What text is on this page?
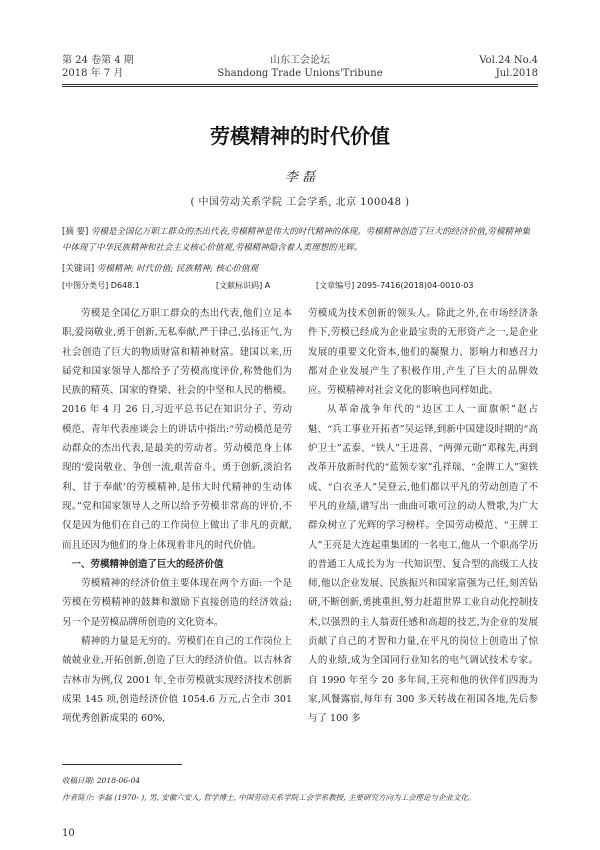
第 24 卷第 4 期
2018 年 7 月
山东工会论坛
Shandong Trade Unions'Tribune
Vol.24 No.4
Jul.2018
劳模精神的时代价值
李 磊
( 中国劳动关系学院 工会学系, 北京 100048 )
[摘 要] 劳模是全国亿万职工群众的杰出代表,劳模精神是伟大的时代精神的体现。劳模精神创造了巨大的经济价值,劳模精神集中体现了中华民族精神和社会主义核心价值观,劳模精神隐含着人类理想的光辉。
[关键词] 劳模精神; 时代价值; 民族精神; 核心价值观
[中图分类号] D648.1	[文献标识码] A	[文章编号] 2095-7416(2018)04-0010-03

劳模是全国亿万职工群众的杰出代表,他们立足本职,爱岗敬业,勇于创新,无私奉献,严于律己,弘扬正气,为社会创造了巨大的物质财富和精神财富。建国以来,历届党和国家领导人都给予了劳模高度评价,称赞他们为民族的精英、国家的脊梁、社会的中坚和人民的楷模。2016 年 4 月 26 日,习近平总书记在知识分子、劳动模范、青年代表座谈会上的讲话中指出:“劳动模范是劳动群众的杰出代表,是最美的劳动者。劳动模范身上体现的‘爱岗敬业、争创一流,艰苦奋斗、勇于创新,淡泊名利、甘于奉献’的劳模精神,是伟大时代精神的生动体现。”党和国家领导人之所以给予劳模非常高的评价,不仅是因为他们在自己的工作岗位上做出了非凡的贡献,而且还因为他们的身上体现着非凡的时代价值。

一、劳模精神创造了巨大的经济价值

劳模精神的经济价值主要体现在两个方面:一个是劳模在劳模精神的鼓舞和激励下直接创造的经济效益;另一个是劳模品牌所创造的文化资本。

精神的力量是无穷的。劳模们在自己的工作岗位上兢兢业业,开拓创新,创造了巨大的经济价值。以吉林省吉林市为例,仅 2001 年,全市劳模就实现经济技术创新成果 145 项,创造经济价值 1054.6 万元,占全市 301 项优秀创新成果的 60%,

劳模成为技术创新的领头人。除此之外,在市场经济条件下,劳模已经成为企业最宝贵的无形资产之一,是企业发展的重要文化资本,他们的凝聚力、影响力和感召力都对企业发展产生了积极作用,产生了巨大的品牌效应。劳模精神对社会文化的影响也同样如此。

从革命战争年代的“边区工人一面旗帜”赵占魁、“兵工事业开拓者”吴运铎,到新中国建设时期的“高炉卫士”孟泰、“铁人”王进喜、“两弹元勋”邓稼先,再到改革开放新时代的“蓝领专家”孔祥瑞、“金牌工人”窦铁成、“白衣圣人”吴登云,他们都以平凡的劳动创造了不平凡的业绩,谱写出一曲曲可歌可泣的动人赞歌,为广大群众树立了光辉的学习榜样。全国劳动模范、“王牌工人”王亮是大连起重集团的一名电工,他从一个职高学历的普通工人成长为为一代知识型、复合型的高级工人技师,他以企业发展、民族振兴和国家富强为己任,刻苦钻研,不断创新,勇挑重担,努力赶超世界工业自动化控制技术,以强烈的主人翁责任感和高超的技艺,为企业的发展贡献了自己的才智和力量,在平凡的岗位上创造出了惊人的业绩,成为全国同行业知名的电气调试技术专家。自 1990 年至今 20 多年间,王亮和他的伙伴们四海为家,风餐露宿,每年有 300 多天转战在祖国各地,先后参与了 100 多

收稿日期: 2018-06-04
作者简介: 李磊 (1970- ), 男, 安徽六安人, 哲学博士, 中国劳动关系学院工会学系教授, 主要研究方向为工会理论与企业文化。
10
